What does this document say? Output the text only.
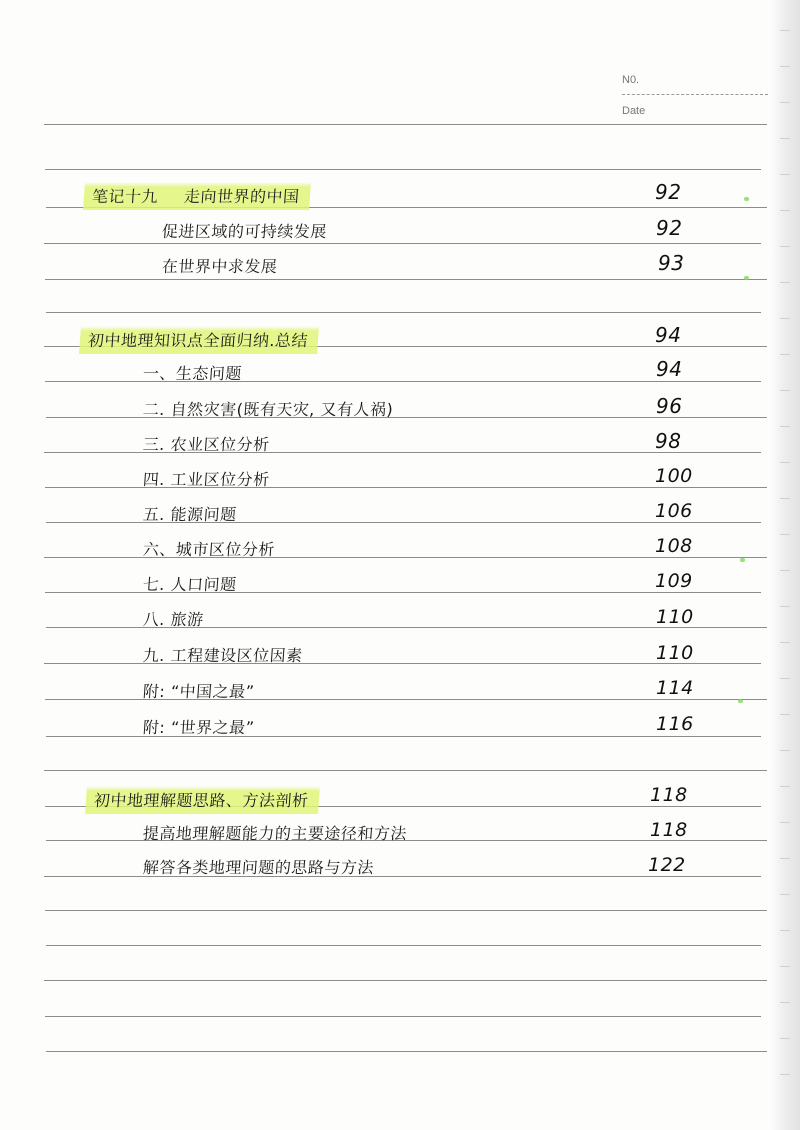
N0.
Date
笔记十九 走向世界的中国	92
促进区域的可持续发展	92
在世界中求发展	93
初中地理知识点全面归纳.总结	94
一、生态问题	94
二. 自然灾害(既有天灾, 又有人祸)	96
三. 农业区位分析	98
四. 工业区位分析	100
五. 能源问题	106
六、城市区位分析	108
七. 人口问题	109
八. 旅游	110
九. 工程建设区位因素	110
附: “中国之最”	114
附: “世界之最”	116
初中地理解题思路、方法剖析	118
提高地理解题能力的主要途径和方法	118
解答各类地理问题的思路与方法	122
